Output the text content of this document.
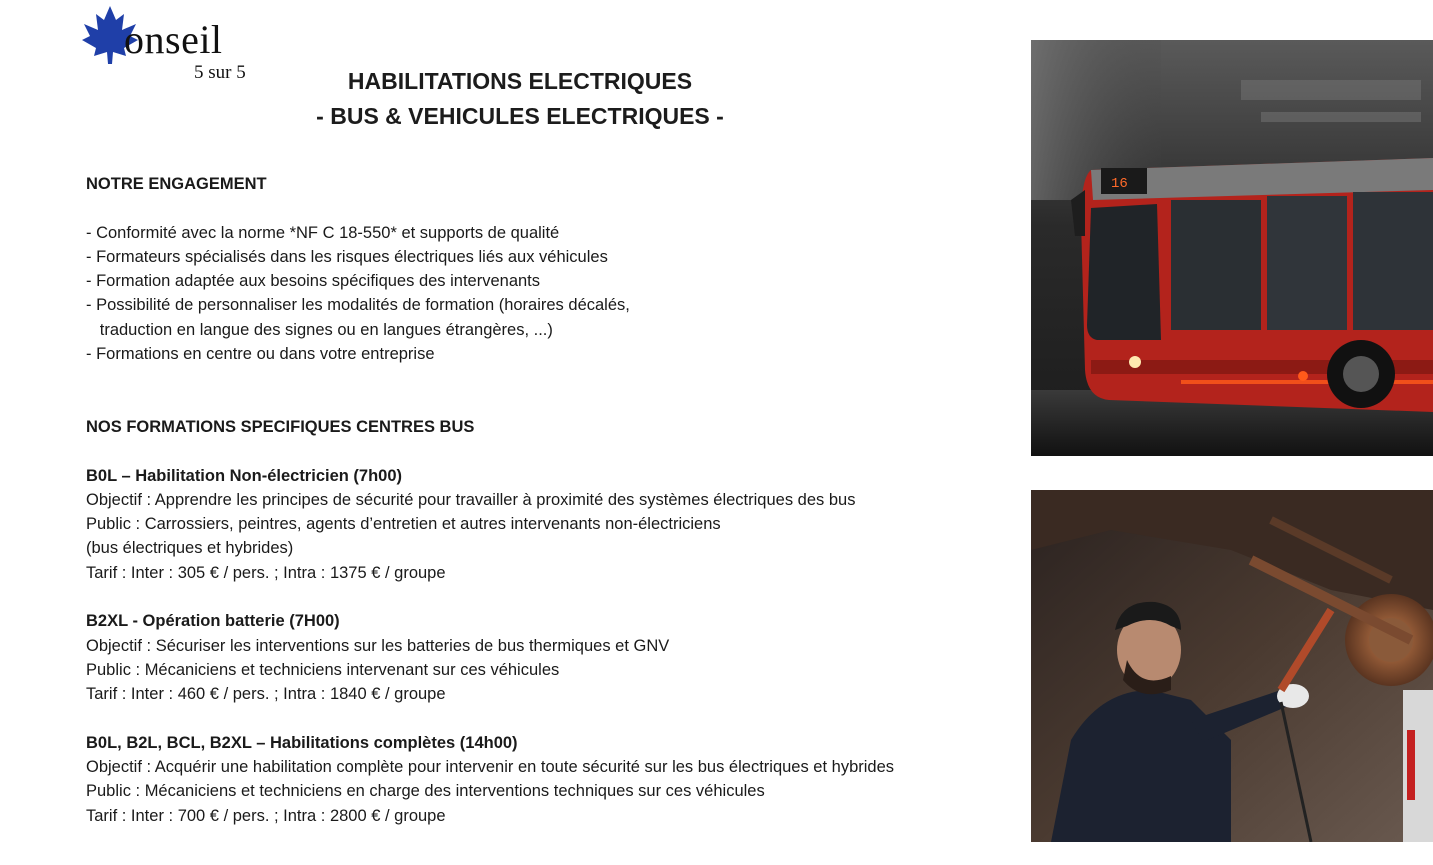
onseil
5 sur 5	HABILITATIONS ELECTRIQUES
- BUS & VEHICULES ELECTRIQUES -
NOTRE ENGAGEMENT
- Conformité avec la norme *NF C 18-550* et supports de qualité
- Formateurs spécialisés dans les risques électriques liés aux véhicules
- Formation adaptée aux besoins spécifiques des intervenants
- Possibilité de personnaliser les modalités de formation (horaires décalés,
traduction en langue des signes ou en langues étrangères, ...)
- Formations en centre ou dans votre entreprise
NOS FORMATIONS SPECIFIQUES CENTRES BUS
B0L – Habilitation Non-électricien (7h00)
Objectif : Apprendre les principes de sécurité pour travailler à proximité des systèmes électriques des bus
Public : Carrossiers, peintres, agents d’entretien et autres intervenants non-électriciens
(bus électriques et hybrides)
Tarif : Inter : 305 € / pers. ; Intra : 1375 € / groupe
B2XL - Opération batterie (7H00)
Objectif : Sécuriser les interventions sur les batteries de bus thermiques et GNV
Public : Mécaniciens et techniciens intervenant sur ces véhicules
Tarif : Inter : 460 € / pers. ; Intra : 1840 € / groupe
B0L, B2L, BCL, B2XL – Habilitations complètes (14h00)
Objectif : Acquérir une habilitation complète pour intervenir en toute sécurité sur les bus électriques et hybrides
Public : Mécaniciens et techniciens en charge des interventions techniques sur ces véhicules
Tarif : Inter : 700 € / pers. ; Intra : 2800 € / groupe
16
